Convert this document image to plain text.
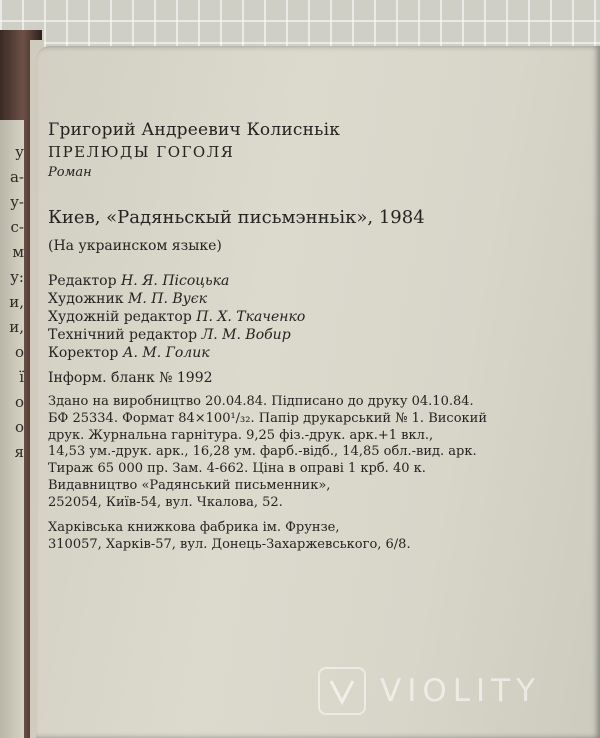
у
а-
у-
с-
м
у:
и,
и,
о
ї
о
о
я
Григорий Андреевич Колисньік
ПРЕЛЮДЫ ГОГОЛЯ
Роман
Киев, «Радяньскый письмэнньік», 1984
(На украинском языке)
Редактор Н. Я. Пісоцька
Художник М. П. Вуєк
Художній редактор П. Х. Ткаченко
Технічний редактор Л. М. Вобир
Коректор А. М. Голик
Інформ. бланк № 1992
Здано на виробництво 20.04.84. Підписано до друку 04.10.84.
БФ 25334. Формат 84×100¹/₃₂. Папір друкарський № 1. Високий
друк. Журнальна гарнітура. 9,25 фіз.-друк. арк.+1 вкл.,
14,53 ум.-друк. арк., 16,28 ум. фарб.-відб., 14,85 обл.-вид. арк.
Тираж 65 000 пр. Зам. 4-662. Ціна в оправі 1 крб. 40 к.
Видавництво «Радянський письменник»,
252054, Київ-54, вул. Чкалова, 52.
Харківська книжкова фабрика ім. Фрунзе,
310057, Харків-57, вул. Донець-Захаржевського, 6/8.
VIOLITY
